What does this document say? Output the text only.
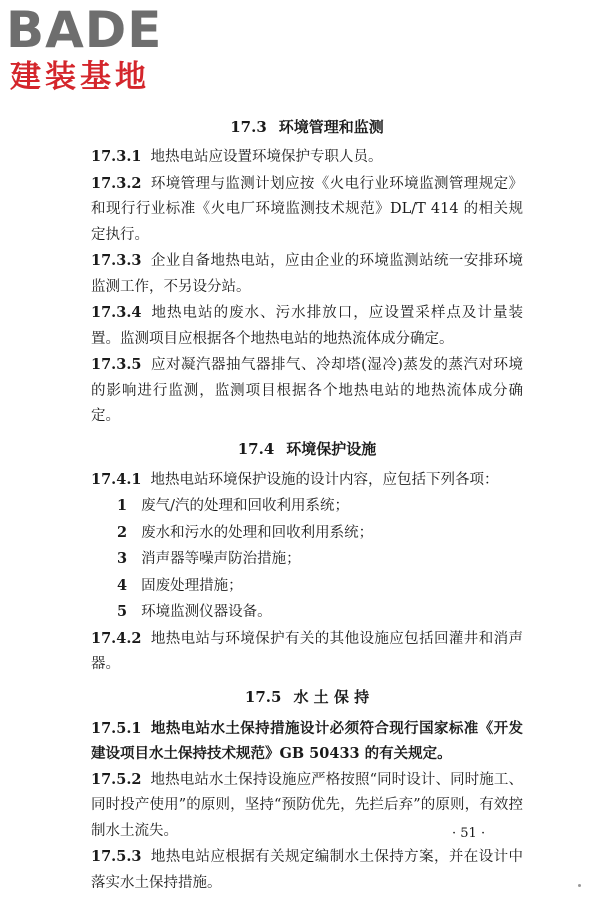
BADE
建装基地
17.3 环境管理和监测
17.3.1 地热电站应设置环境保护专职人员。
17.3.2 环境管理与监测计划应按《火电行业环境监测管理规定》和现行行业标准《火电厂环境监测技术规范》DL/T 414 的相关规定执行。
17.3.3 企业自备地热电站，应由企业的环境监测站统一安排环境监测工作，不另设分站。
17.3.4 地热电站的废水、污水排放口，应设置采样点及计量装置。监测项目应根据各个地热电站的地热流体成分确定。
17.3.5 应对凝汽器抽气器排气、冷却塔(湿冷)蒸发的蒸汽对环境的影响进行监测，监测项目根据各个地热电站的地热流体成分确定。
17.4 环境保护设施
17.4.1 地热电站环境保护设施的设计内容，应包括下列各项：
1 废气/汽的处理和回收利用系统；
2 废水和污水的处理和回收利用系统；
3 消声器等噪声防治措施；
4 固废处理措施；
5 环境监测仪器设备。
17.4.2 地热电站与环境保护有关的其他设施应包括回灌井和消声器。
17.5 水 土 保 持
17.5.1 地热电站水土保持措施设计必须符合现行国家标准《开发建设项目水土保持技术规范》GB 50433 的有关规定。
17.5.2 地热电站水土保持设施应严格按照“同时设计、同时施工、同时投产使用”的原则，坚持“预防优先，先拦后弃”的原则，有效控制水土流失。
17.5.3 地热电站应根据有关规定编制水土保持方案，并在设计中落实水土保持措施。
· 51 ·
